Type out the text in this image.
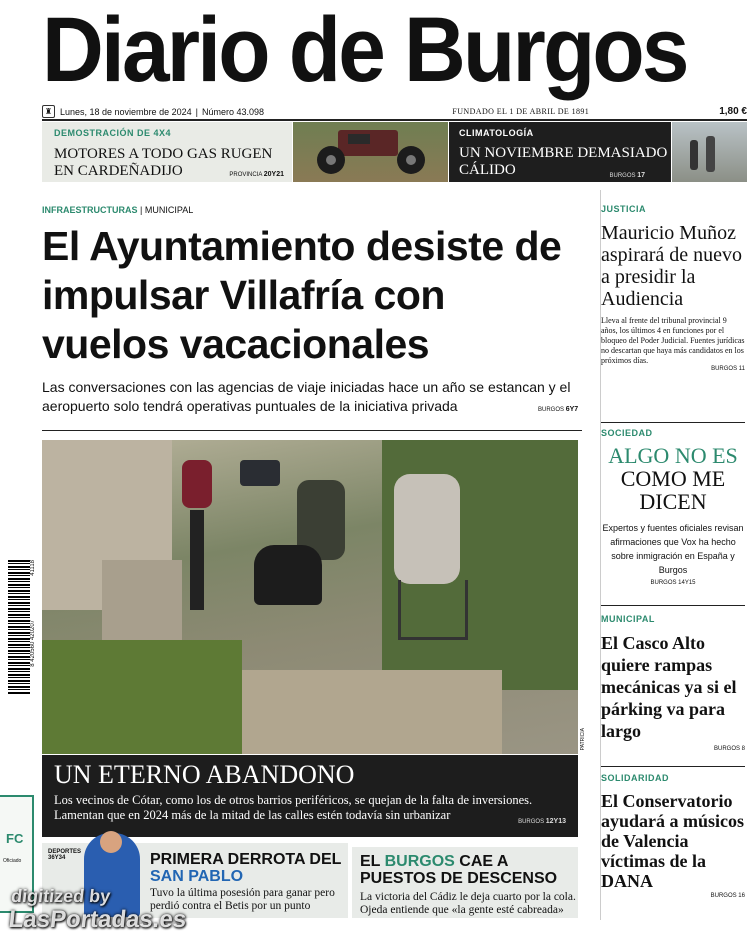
Diario de Burgos
♜ Lunes, 18 de noviembre de 2024 | Número 43.098	FUNDADO EL 1 DE ABRIL DE 1891	1,80 €
DEMOSTRACIÓN DE 4X4
MOTORES A TODO GAS RUGEN EN CARDEÑADIJO	PROVINCIA 20Y21
CLIMATOLOGÍA
UN NOVIEMBRE DEMASIADO CÁLIDO	BURGOS 17
INFRAESTRUCTURAS | MUNICIPAL
El Ayuntamiento desiste de impulsar Villafría con vuelos vacacionales
Las conversaciones con las agencias de viaje iniciadas hace un año se estancan y el aeropuerto solo tendrá operativas puntuales de la iniciativa privada	BURGOS 6Y7
PATRICIA
UN ETERNO ABANDONO
Los vecinos de Cótar, como los de otros barrios periféricos, se quejan de la falta de inversiones. Lamentan que en 2024 más de la mitad de las calles estén todavía sin urbanizar	BURGOS 12Y13
41118
8 420560 420207
FC
Oficiado
JUSTICIA
Mauricio Muñoz aspirará de nuevo a presidir la Audiencia
Lleva al frente del tribunal provincial 9 años, los últimos 4 en funciones por el bloqueo del Poder Judicial. Fuentes jurídicas no descartan que haya más candidatos en los próximos días.
BURGOS 11
SOCIEDAD
ALGO NO ES
COMO ME DICEN
Expertos y fuentes oficiales revisan afirmaciones que Vox ha hecho sobre inmigración en España y Burgos
BURGOS 14Y15
MUNICIPAL
El Casco Alto quiere rampas mecánicas ya si el párking va para largo
BURGOS 8
SOLIDARIDAD
El Conservatorio ayudará a músicos de Valencia víctimas de la DANA
BURGOS 16
DEPORTES
36Y34	PRIMERA DERROTA DEL SAN PABLO
Tuvo la última posesión para ganar pero perdió contra el Betis por un punto
EL BURGOS CAE A PUESTOS DE DESCENSO
La victoria del Cádiz le deja cuarto por la cola. Ojeda entiende que «la gente esté cabreada»
digitized by
LasPortadas.es
